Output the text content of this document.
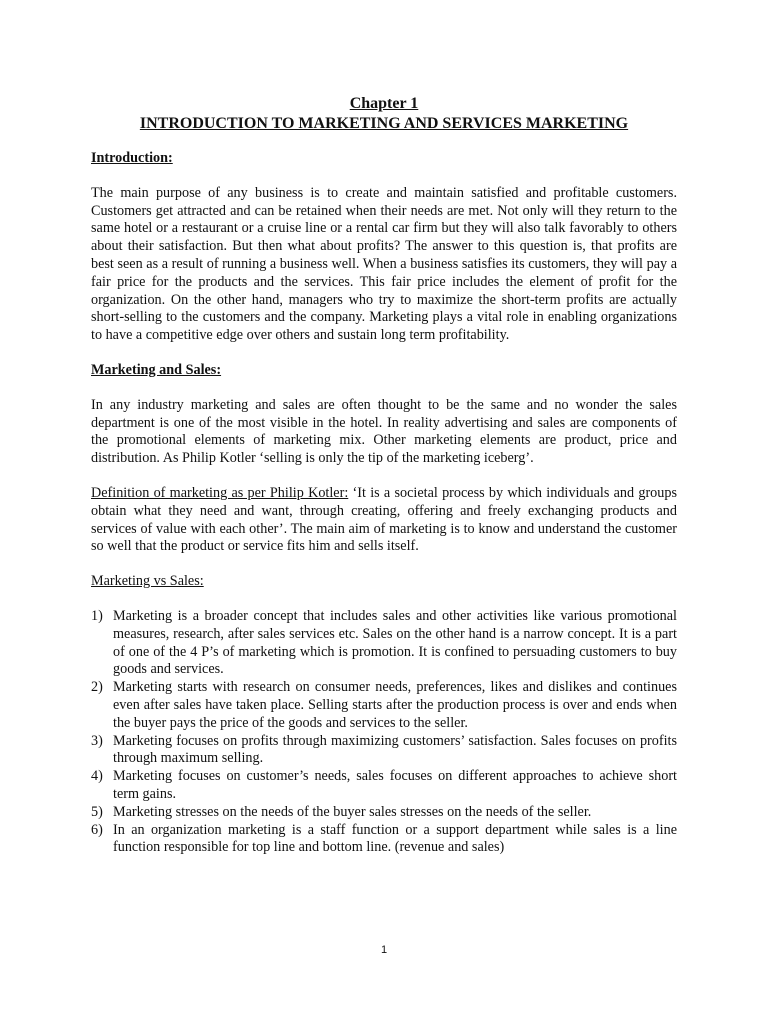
Chapter 1
INTRODUCTION TO MARKETING AND SERVICES MARKETING
Introduction:

The main purpose of any business is to create and maintain satisfied and profitable customers. Customers get attracted and can be retained when their needs are met. Not only will they return to the same hotel or a restaurant or a cruise line or a rental car firm but they will also talk favorably to others about their satisfaction. But then what about profits? The answer to this question is, that profits are best seen as a result of running a business well. When a business satisfies its customers, they will pay a fair price for the products and the services. This fair price includes the element of profit for the organization. On the other hand, managers who try to maximize the short-term profits are actually short-selling to the customers and the company. Marketing plays a vital role in enabling organizations to have a competitive edge over others and sustain long term profitability.

Marketing and Sales:

In any industry marketing and sales are often thought to be the same and no wonder the sales department is one of the most visible in the hotel. In reality advertising and sales are components of the promotional elements of marketing mix. Other marketing elements are product, price and distribution. As Philip Kotler ‘selling is only the tip of the marketing iceberg’.

Definition of marketing as per Philip Kotler: ‘It is a societal process by which individuals and groups obtain what they need and want, through creating, offering and freely exchanging products and services of value with each other’. The main aim of marketing is to know and understand the customer so well that the product or service fits him and sells itself.

Marketing vs Sales:
1) Marketing is a broader concept that includes sales and other activities like various promotional measures, research, after sales services etc. Sales on the other hand is a narrow concept. It is a part of one of the 4 P’s of marketing which is promotion. It is confined to persuading customers to buy goods and services.
2) Marketing starts with research on consumer needs, preferences, likes and dislikes and continues even after sales have taken place. Selling starts after the production process is over and ends when the buyer pays the price of the goods and services to the seller.
3) Marketing focuses on profits through maximizing customers’ satisfaction. Sales focuses on profits through maximum selling.
4) Marketing focuses on customer’s needs, sales focuses on different approaches to achieve short term gains.
5) Marketing stresses on the needs of the buyer sales stresses on the needs of the seller.
6) In an organization marketing is a staff function or a support department while sales is a line function responsible for top line and bottom line. (revenue and sales)
1
